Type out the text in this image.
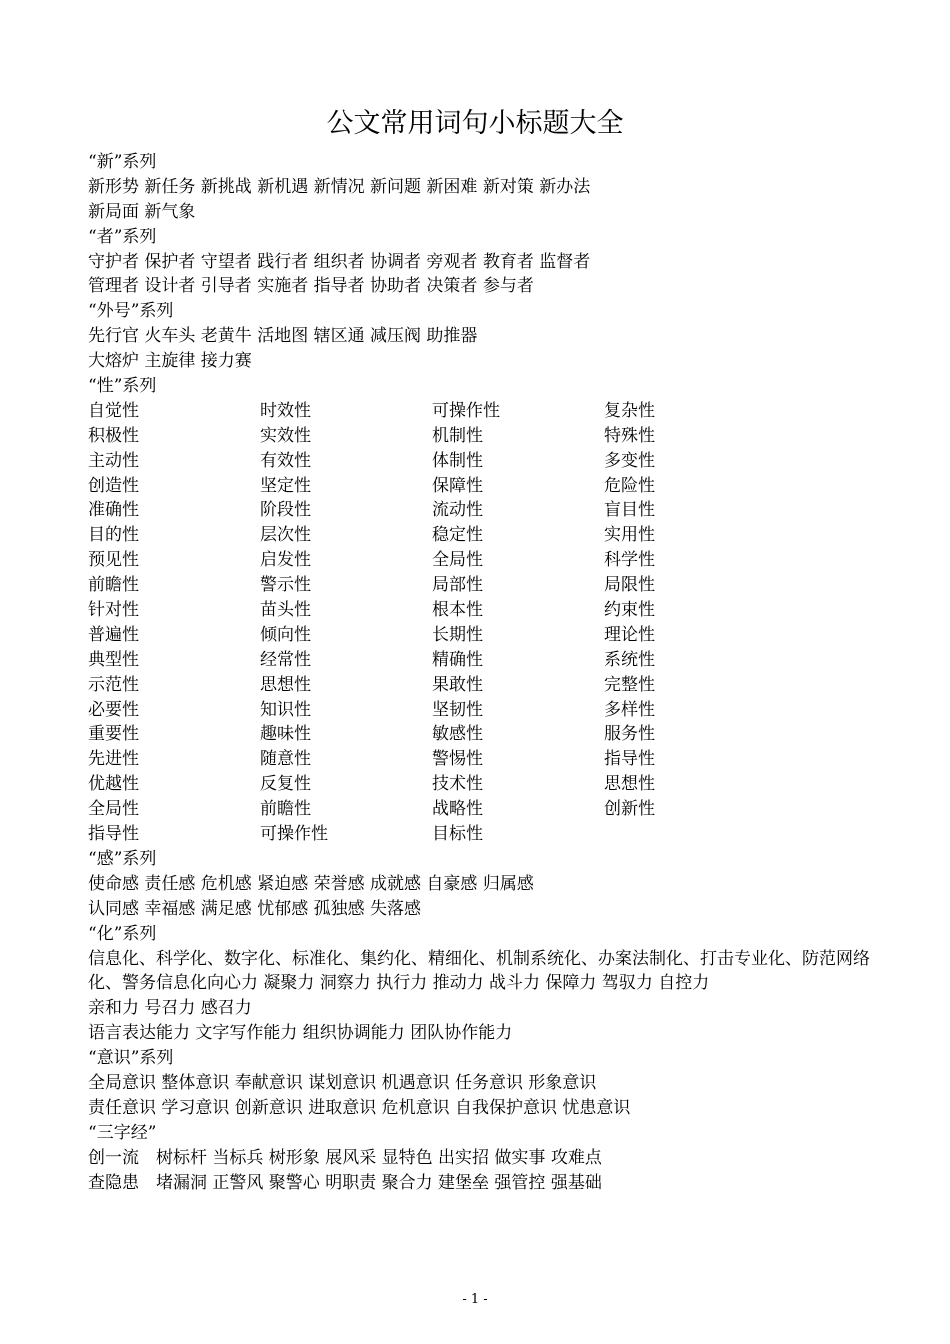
公文常用词句小标题大全
“新”系列
新形势 新任务 新挑战 新机遇 新情况 新问题 新困难 新对策 新办法
新局面 新气象
“者”系列
守护者 保护者 守望者 践行者 组织者 协调者 旁观者 教育者 监督者
管理者 设计者 引导者 实施者 指导者 协助者 决策者 参与者
“外号”系列
先行官 火车头 老黄牛 活地图 辖区通 减压阀 助推器
大熔炉 主旋律 接力赛
“性”系列
自觉性	时效性	可操作性	复杂性
积极性	实效性	机制性	特殊性
主动性	有效性	体制性	多变性
创造性	坚定性	保障性	危险性
准确性	阶段性	流动性	盲目性
目的性	层次性	稳定性	实用性
预见性	启发性	全局性	科学性
前瞻性	警示性	局部性	局限性
针对性	苗头性	根本性	约束性
普遍性	倾向性	长期性	理论性
典型性	经常性	精确性	系统性
示范性	思想性	果敢性	完整性
必要性	知识性	坚韧性	多样性
重要性	趣味性	敏感性	服务性
先进性	随意性	警惕性	指导性
优越性	反复性	技术性	思想性
全局性	前瞻性	战略性	创新性
指导性	可操作性	目标性
“感”系列
使命感 责任感 危机感 紧迫感 荣誉感 成就感 自豪感 归属感
认同感 幸福感 满足感 忧郁感 孤独感 失落感
“化”系列
信息化、科学化、数字化、标准化、集约化、精细化、机制系统化、办案法制化、打击专业化、防范网络化、警务信息化向心力 凝聚力 洞察力 执行力 推动力 战斗力 保障力 驾驭力 自控力
亲和力 号召力 感召力
语言表达能力 文字写作能力 组织协调能力 团队协作能力
“意识”系列
全局意识 整体意识 奉献意识 谋划意识 机遇意识 任务意识 形象意识
责任意识 学习意识 创新意识 进取意识 危机意识 自我保护意识 忧患意识
“三字经”
创一流　树标杆 当标兵 树形象 展风采 显特色 出实招 做实事 攻难点
查隐患　堵漏洞 正警风 聚警心 明职责 聚合力 建堡垒 强管控 强基础
- 1 -
